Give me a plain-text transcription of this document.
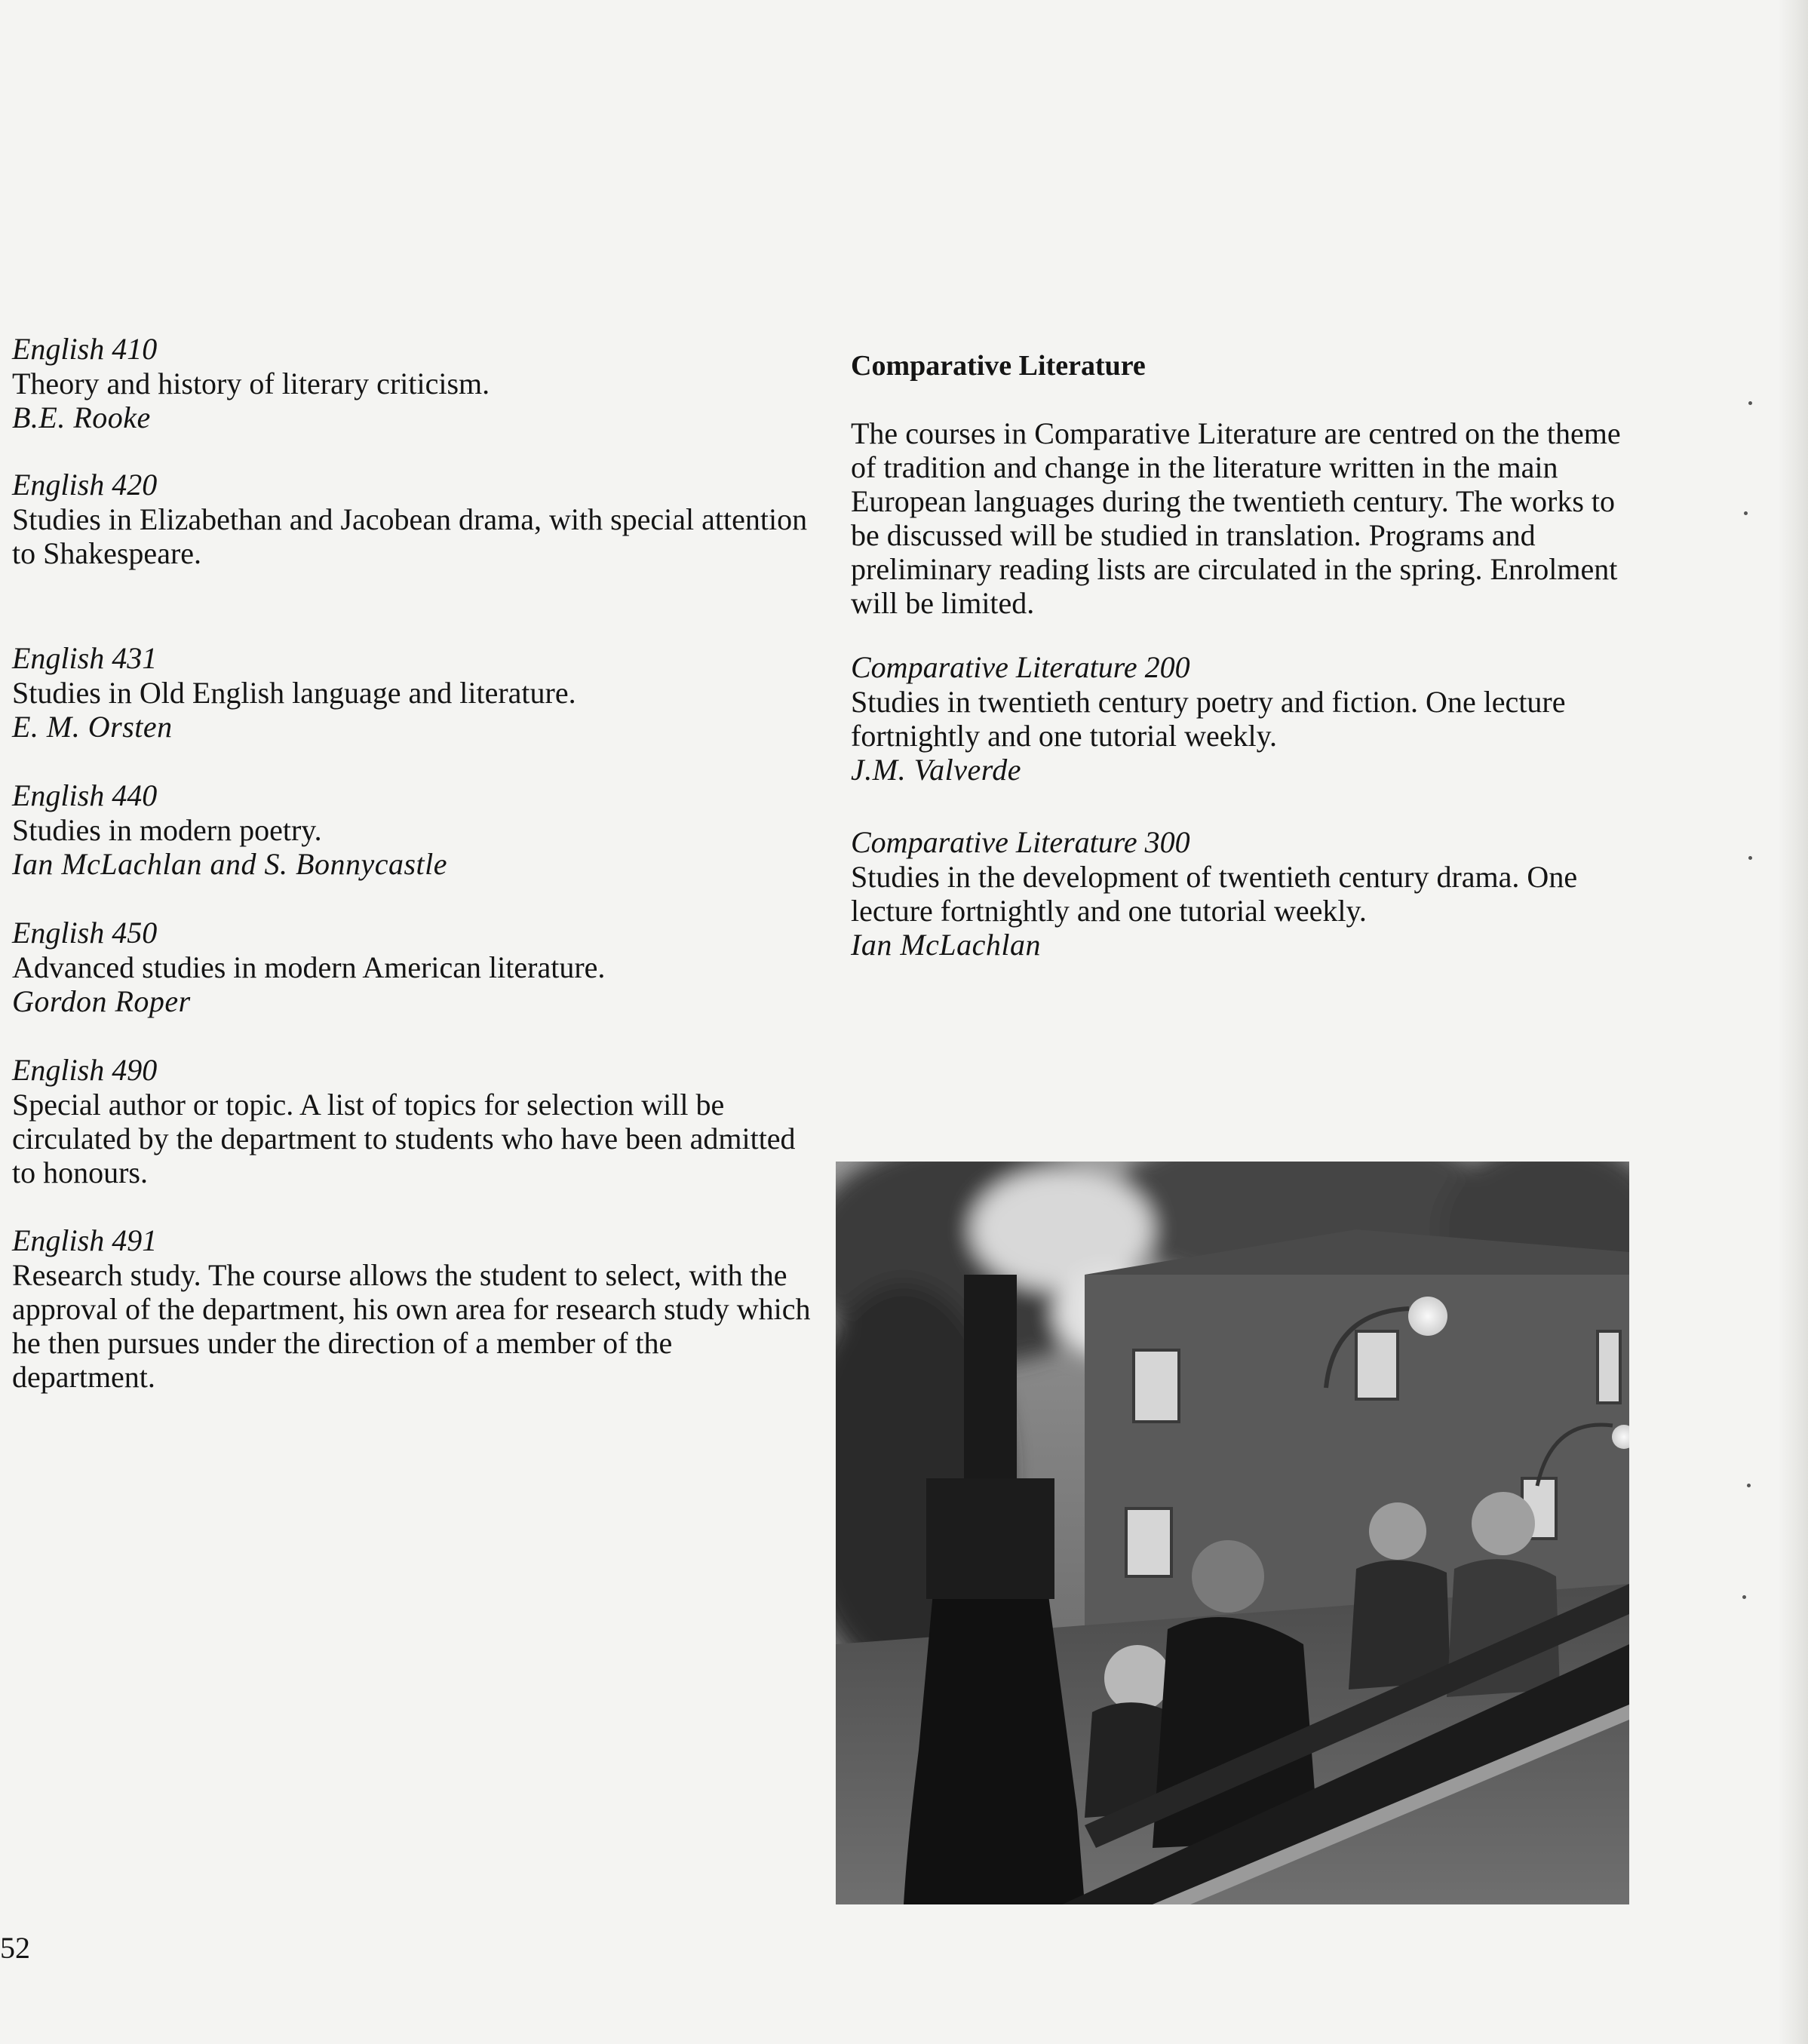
English 410
Theory and history of literary criticism.
B.E. Rooke
English 420
Studies in Elizabethan and Jacobean drama, with special attention to Shakespeare.
English 431
Studies in Old English language and literature.
E. M. Orsten
English 440
Studies in modern poetry.
Ian McLachlan and S. Bonnycastle
English 450
Advanced studies in modern American literature.
Gordon Roper
English 490
Special author or topic. A list of topics for selection will be circulated by the department to students who have been admitted to honours.
English 491
Research study. The course allows the student to select, with the approval of the department, his own area for research study which he then pursues under the direction of a member of the department.
Comparative Literature
The courses in Comparative Literature are centred on the theme of tradition and change in the literature written in the main European languages during the twentieth century. The works to be discussed will be studied in translation. Programs and preliminary reading lists are circulated in the spring. Enrolment will be limited.
Comparative Literature 200
Studies in twentieth century poetry and fiction. One lecture fortnightly and one tutorial weekly.
J.M. Valverde
Comparative Literature 300
Studies in the development of twentieth century drama. One lecture fortnightly and one tutorial weekly.
Ian McLachlan
52
